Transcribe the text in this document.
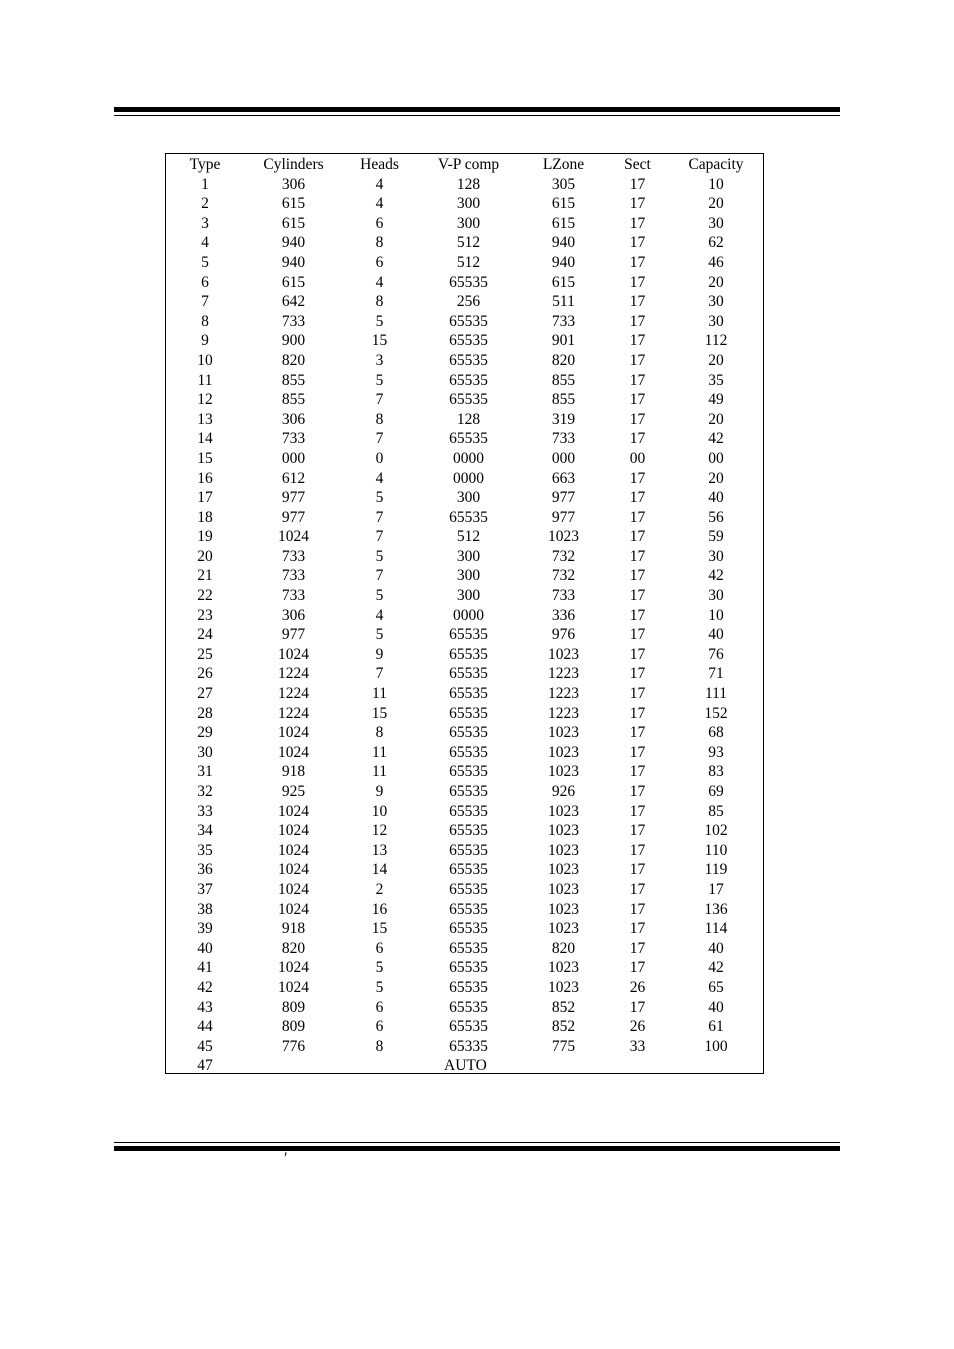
Type	Cylinders	Heads	V-P comp	LZone	Sect	Capacity
1	306	4	128	305	17	10
2	615	4	300	615	17	20
3	615	6	300	615	17	30
4	940	8	512	940	17	62
5	940	6	512	940	17	46
6	615	4	65535	615	17	20
7	642	8	256	511	17	30
8	733	5	65535	733	17	30
9	900	15	65535	901	17	112
10	820	3	65535	820	17	20
11	855	5	65535	855	17	35
12	855	7	65535	855	17	49
13	306	8	128	319	17	20
14	733	7	65535	733	17	42
15	000	0	0000	000	00	00
16	612	4	0000	663	17	20
17	977	5	300	977	17	40
18	977	7	65535	977	17	56
19	1024	7	512	1023	17	59
20	733	5	300	732	17	30
21	733	7	300	732	17	42
22	733	5	300	733	17	30
23	306	4	0000	336	17	10
24	977	5	65535	976	17	40
25	1024	9	65535	1023	17	76
26	1224	7	65535	1223	17	71
27	1224	11	65535	1223	17	111
28	1224	15	65535	1223	17	152
29	1024	8	65535	1023	17	68
30	1024	11	65535	1023	17	93
31	918	11	65535	1023	17	83
32	925	9	65535	926	17	69
33	1024	10	65535	1023	17	85
34	1024	12	65535	1023	17	102
35	1024	13	65535	1023	17	110
36	1024	14	65535	1023	17	119
37	1024	2	65535	1023	17	17
38	1024	16	65535	1023	17	136
39	918	15	65535	1023	17	114
40	820	6	65535	820	17	40
41	1024	5	65535	1023	17	42
42	1024	5	65535	1023	26	65
43	809	6	65535	852	17	40
44	809	6	65535	852	26	61
45	776	8	65335	775	33	100
47			AUTO			
′
